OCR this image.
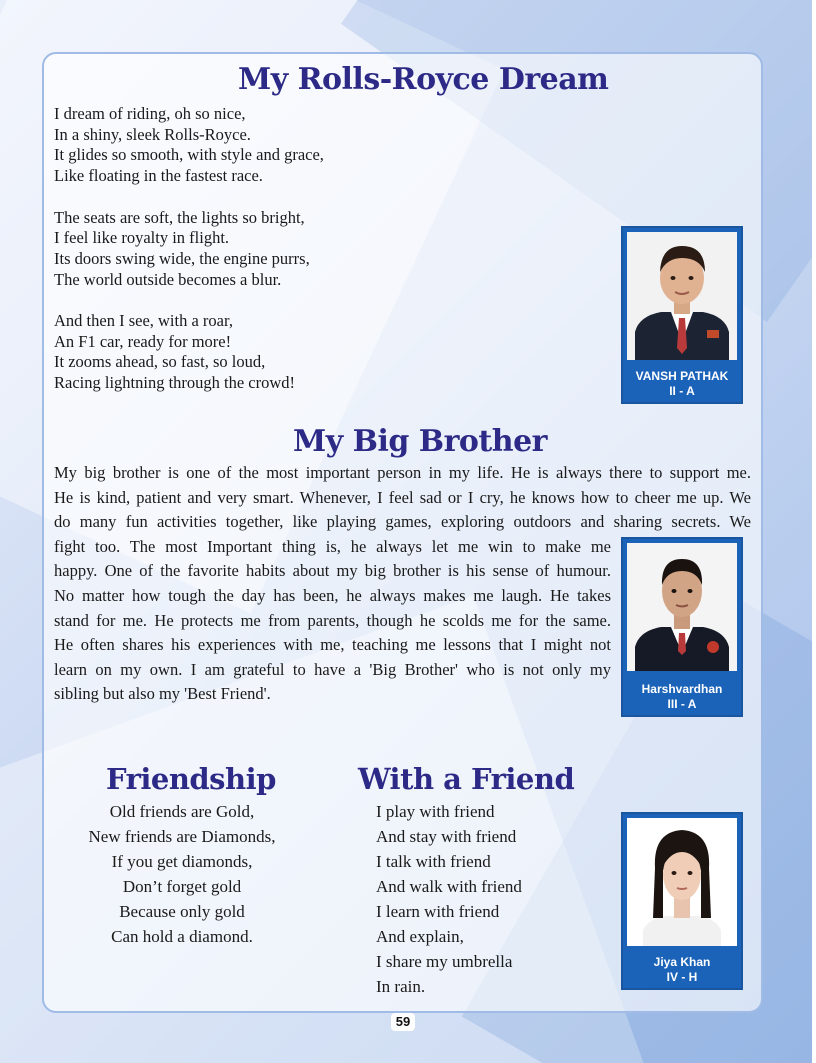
My Rolls-Royce Dream
I dream of riding, oh so nice,
In a shiny, sleek Rolls-Royce.
It glides so smooth, with style and grace,
Like floating in the fastest race.
The seats are soft, the lights so bright,
I feel like royalty in flight.
Its doors swing wide, the engine purrs,
The world outside becomes a blur.
And then I see, with a roar,
An F1 car, ready for more!
It zooms ahead, so fast, so loud,
Racing lightning through the crowd!	VANSH PATHAK
II - A
My Big Brother
My big brother is one of the most important person in my life. He is always there to support me.
He is kind, patient and very smart. Whenever, I feel sad or I cry, he knows how to cheer me up. We
do many fun activities together, like playing games, exploring outdoors and sharing secrets. We
fight too. The most Important thing is, he always let me win to make me
happy. One of the favorite habits about my big brother is his sense of humour.
No matter how tough the day has been, he always makes me laugh. He takes
stand for me. He protects me from parents, though he scolds me for the same.
He often shares his experiences with me, teaching me lessons that I might not
learn on my own. I am grateful to have a 'Big Brother' who is not only my
sibling but also my 'Best Friend'.	Harshvardhan
III - A
Friendship
Old friends are Gold,
New friends are Diamonds,
If you get diamonds,
Don’t forget gold
Because only gold
Can hold a diamond.
With a Friend
I play with friend
And stay with friend
I talk with friend
And walk with friend
I learn with friend
And explain,
I share my umbrella
In rain.
Jiya Khan
IV - H
59
